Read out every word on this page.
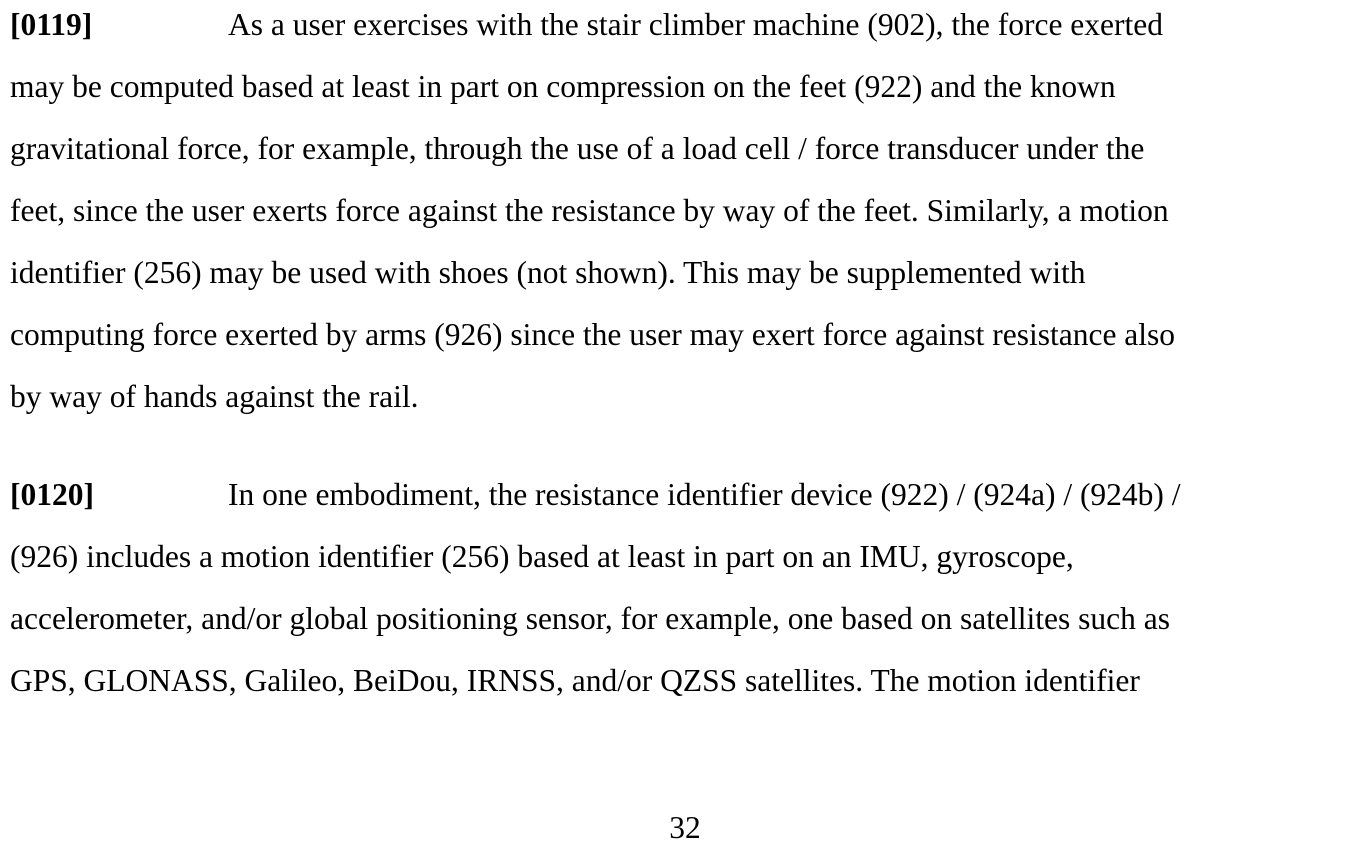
[0119]	As a user exercises with the stair climber machine (902), the force exerted
may be computed based at least in part on compression on the feet (922) and the known
gravitational force, for example, through the use of a load cell / force transducer under the
feet, since the user exerts force against the resistance by way of the feet. Similarly, a motion
identifier (256) may be used with shoes (not shown). This may be supplemented with
computing force exerted by arms (926) since the user may exert force against resistance also
by way of hands against the rail.
[0120]	In one embodiment, the resistance identifier device (922) / (924a) / (924b) /
(926) includes a motion identifier (256) based at least in part on an IMU, gyroscope,
accelerometer, and/or global positioning sensor, for example, one based on satellites such as
GPS, GLONASS, Galileo, BeiDou, IRNSS, and/or QZSS satellites. The motion identifier
32
